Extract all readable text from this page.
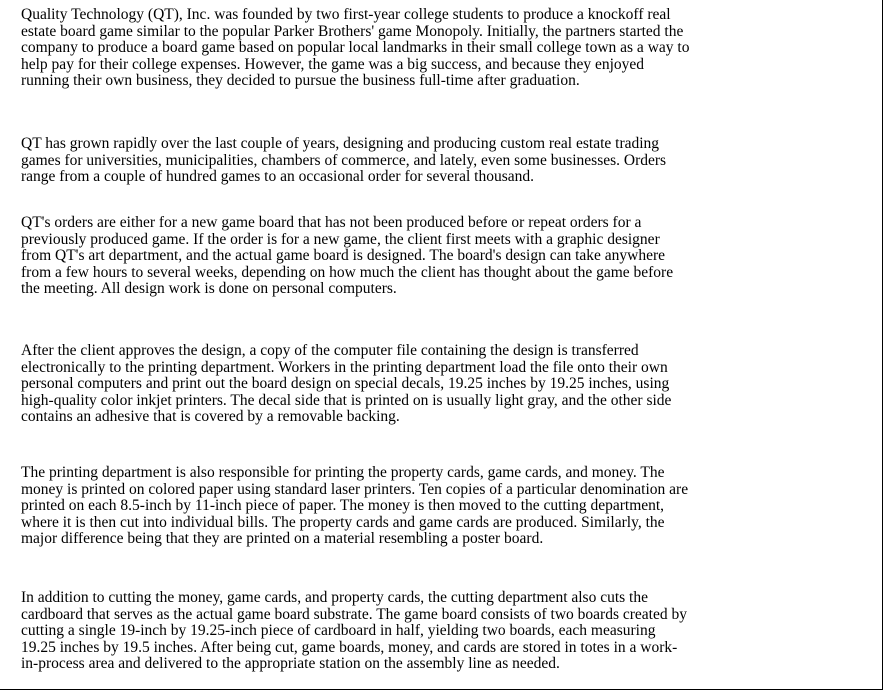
Quality Technology (QT), Inc. was founded by two first-year college students to produce a knockoff real
estate board game similar to the popular Parker Brothers' game Monopoly. Initially, the partners started the
company to produce a board game based on popular local landmarks in their small college town as a way to
help pay for their college expenses. However, the game was a big success, and because they enjoyed
running their own business, they decided to pursue the business full-time after graduation.

QT has grown rapidly over the last couple of years, designing and producing custom real estate trading
games for universities, municipalities, chambers of commerce, and lately, even some businesses. Orders
range from a couple of hundred games to an occasional order for several thousand.

QT's orders are either for a new game board that has not been produced before or repeat orders for a
previously produced game. If the order is for a new game, the client first meets with a graphic designer
from QT's art department, and the actual game board is designed. The board's design can take anywhere
from a few hours to several weeks, depending on how much the client has thought about the game before
the meeting. All design work is done on personal computers.

After the client approves the design, a copy of the computer file containing the design is transferred
electronically to the printing department. Workers in the printing department load the file onto their own
personal computers and print out the board design on special decals, 19.25 inches by 19.25 inches, using
high-quality color inkjet printers. The decal side that is printed on is usually light gray, and the other side
contains an adhesive that is covered by a removable backing.

The printing department is also responsible for printing the property cards, game cards, and money. The
money is printed on colored paper using standard laser printers. Ten copies of a particular denomination are
printed on each 8.5-inch by 11-inch piece of paper. The money is then moved to the cutting department,
where it is then cut into individual bills. The property cards and game cards are produced. Similarly, the
major difference being that they are printed on a material resembling a poster board.

In addition to cutting the money, game cards, and property cards, the cutting department also cuts the
cardboard that serves as the actual game board substrate. The game board consists of two boards created by
cutting a single 19-inch by 19.25-inch piece of cardboard in half, yielding two boards, each measuring
19.25 inches by 19.5 inches. After being cut, game boards, money, and cards are stored in totes in a work-
in-process area and delivered to the appropriate station on the assembly line as needed.
